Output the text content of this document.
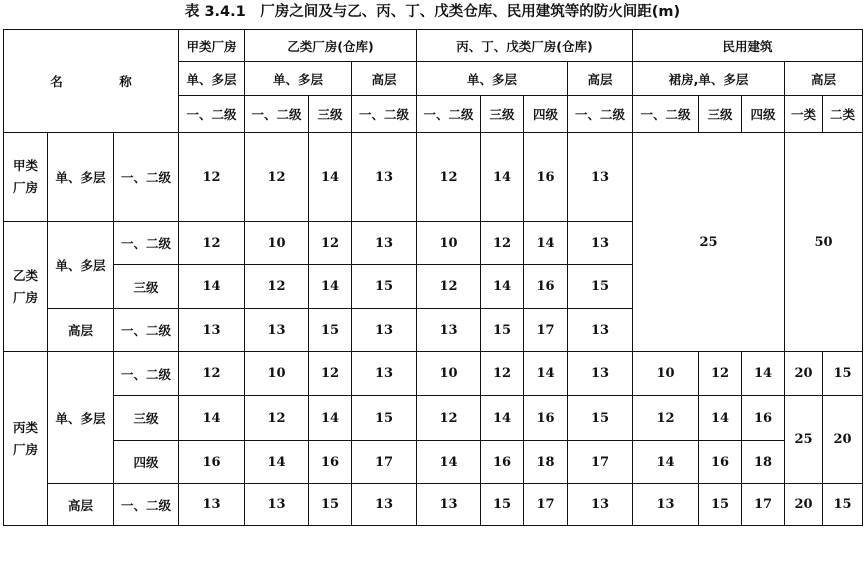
表 3.4.1　厂房之间及与乙、丙、丁、戊类仓库、民用建筑等的防火间距(m)
名　称			甲类厂房	乙类厂房(仓库)			丙、丁、戊类厂房(仓库)				民用建筑				
			单、多层	单、多层		高层	单、多层			高层	裙房,单、多层			高层	
			一、二级	一、二级	三级	一、二级	一、二级	三级	四级	一、二级	一、二级	三级	四级	一类	二类
甲类厂房	单、多层	一、二级	12	12	14	13	12	14	16	13	25			50	
乙类厂房	单、多层	一、二级	12	10	12	13	10	12	14	13					
		三级	14	12	14	15	12	14	16	15					
	高层	一、二级	13	13	15	13	13	15	17	13					
丙类厂房	单、多层	一、二级	12	10	12	13	10	12	14	13	10	12	14	20	15
		三级	14	12	14	15	12	14	16	15	12	14	16	25	20
		四级	16	14	16	17	14	16	18	17	14	16	18		
	高层	一、二级	13	13	15	13	13	15	17	13	13	15	17	20	15
